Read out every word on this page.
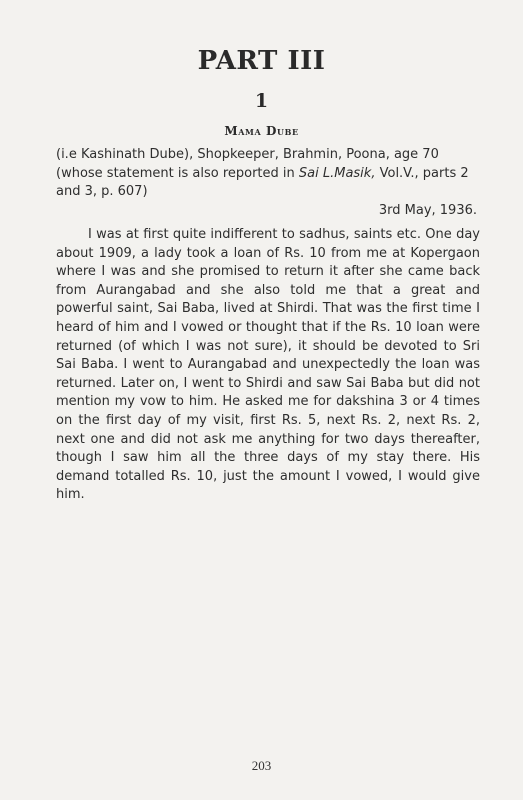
PART III
1
Mama Dube
(i.e Kashinath Dube), Shopkeeper, Brahmin, Poona, age 70 (whose statement is also reported in Sai L.Masik, Vol.V., parts 2 and 3, p. 607)
3rd May, 1936.

I was at first quite indifferent to sadhus, saints etc. One day about 1909, a lady took a loan of Rs. 10 from me at Kopergaon where I was and she promised to return it after she came back from Aurangabad and she also told me that a great and powerful saint, Sai Baba, lived at Shirdi. That was the first time I heard of him and I vowed or thought that if the Rs. 10 loan were returned (of which I was not sure), it should be devoted to Sri Sai Baba. I went to Aurangabad and unexpectedly the loan was returned. Later on, I went to Shirdi and saw Sai Baba but did not mention my vow to him. He asked me for dakshina 3 or 4 times on the first day of my visit, first Rs. 5, next Rs. 2, next Rs. 2, next one and did not ask me anything for two days thereafter, though I saw him all the three days of my stay there. His demand totalled Rs. 10, just the amount I vowed, I would give him.

203
